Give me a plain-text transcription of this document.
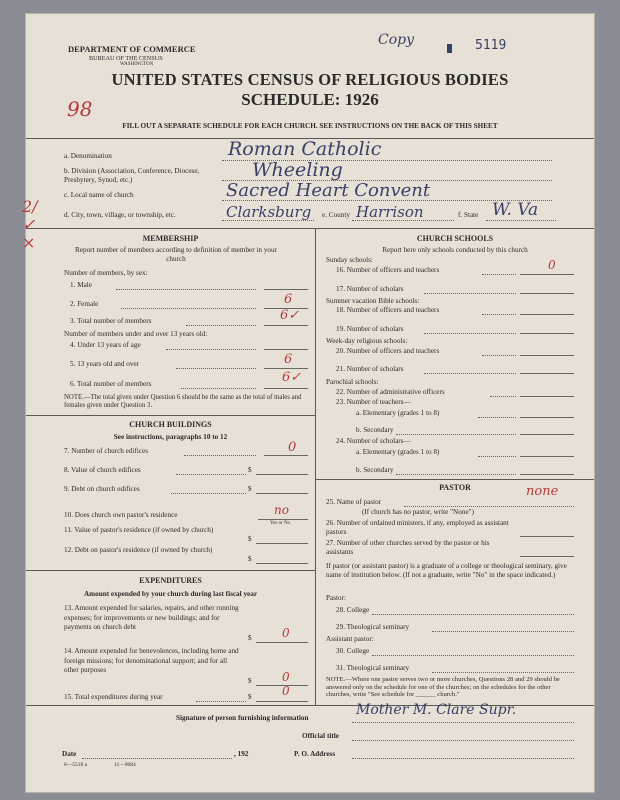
DEPARTMENT OF COMMERCE
BUREAU OF THE CENSUS
WASHINGTON
Copy	5119
UNITED STATES CENSUS OF RELIGIOUS BODIES
SCHEDULE: 1926
98
FILL OUT A SEPARATE SCHEDULE FOR EACH CHURCH. SEE INSTRUCTIONS ON THE BACK OF THIS SHEET
2/✓ ×
a. Denomination	Roman Catholic
b. Division (Association, Conference, Diocese, Presbytery, Synod, etc.)	Wheeling
c. Local name of church	Sacred Heart Convent
d. City, town, village, or township, etc.	Clarksburg e. County Harrison	f. State W. Va
MEMBERSHIP
Report number of members according to definition of member in your church
Number of members, by sex:
1. Male
2. Female	6
3. Total number of members	6✓
Number of members under and over 13 years old:
4. Under 13 years of age
5. 13 years old and over	6
6. Total number of members	6✓
NOTE.—The total given under Question 6 should be the same as the total of males and females given under Question 3.
CHURCH BUILDINGS
See instructions, paragraphs 10 to 12
7. Number of church edifices	0
8. Value of church edifices	$
9. Debt on church edifices	$
10. Does church own pastor's residence	no
Yes or No
11. Value of pastor's residence (if owned by church)
$
12. Debt on pastor's residence (if owned by church)
$
EXPENDITURES
Amount expended by your church during last fiscal year
13. Amount expended for salaries, repairs, and other running expenses; for improvements or new buildings; and for payments on church debt
$	0
14. Amount expended for benevolences, including home and foreign missions; for denominational support; and for all other purposes
$	0
15. Total expenditures during year	$	0
CHURCH SCHOOLS
Report here only schools conducted by this church
Sunday schools:
16. Number of officers and teachers	0
17. Number of scholars
Summer vacation Bible schools:
18. Number of officers and teachers
19. Number of scholars
Week-day religious schools:
20. Number of officers and teachers
21. Number of scholars
Parochial schools:
22. Number of administrative officers
23. Number of teachers—
a. Elementary (grades 1 to 8)
b. Secondary
24. Number of scholars—
a. Elementary (grades 1 to 8)
b. Secondary
PASTOR
25. Name of pastor
none
(If church has no pastor, write "None")
26. Number of ordained ministers, if any, employed as assistant pastors
27. Number of other churches served by the pastor or his assistants
If pastor (or assistant pastor) is a graduate of a college or theological seminary, give name of institution below. (If not a graduate, write "No" in the space indicated.)
Pastor:
28. College
29. Theological seminary
Assistant pastor:
30. College
31. Theological seminary
NOTE.—Where one pastor serves two or more churches, Questions 28 and 29 should be answered only on the schedule for one of the churches; on the schedules for the other churches, write "See schedule for ______ church."
Signature of person furnishing information	Mother M. Clare Supr.
Official title
Date	, 192	P. O. Address
6—5518 a	11—9084
